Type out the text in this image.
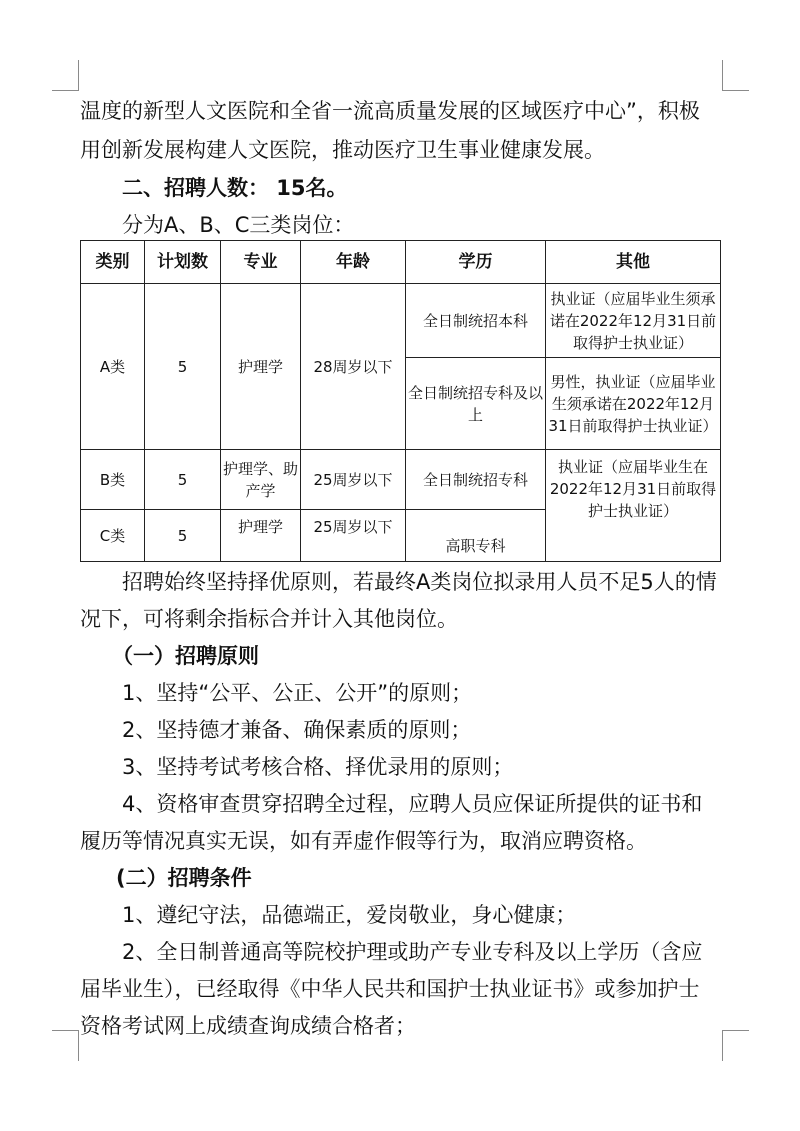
温度的新型人文医院和全省一流高质量发展的区域医疗中心”，积极
用创新发展构建人文医院，推动医疗卫生事业健康发展。
二、招聘人数： 15名。
分为A、B、C三类岗位：
类别	计划数	专业	年龄	学历	其他
A类	5	护理学	28周岁以下	全日制统招本科	执业证（应届毕业生须承诺在2022年12月31日前取得护士执业证）
				全日制统招专科及以上	男性，执业证（应届毕业生须承诺在2022年12月31日前取得护士执业证）
B类	5	护理学、助产学	25周岁以下	全日制统招专科	执业证（应届毕业生在2022年12月31日前取得护士执业证）
C类	5	护理学	25周岁以下	高职专科	
招聘始终坚持择优原则，若最终A类岗位拟录用人员不足5人的情
况下，可将剩余指标合并计入其他岗位。
（一）招聘原则
1、坚持“公平、公正、公开”的原则；
2、坚持德才兼备、确保素质的原则；
3、坚持考试考核合格、择优录用的原则；
4、资格审查贯穿招聘全过程，应聘人员应保证所提供的证书和
履历等情况真实无误，如有弄虚作假等行为，取消应聘资格。
(二）招聘条件
1、遵纪守法，品德端正，爱岗敬业，身心健康；
2、全日制普通高等院校护理或助产专业专科及以上学历（含应
届毕业生），已经取得《中华人民共和国护士执业证书》或参加护士
资格考试网上成绩查询成绩合格者；
